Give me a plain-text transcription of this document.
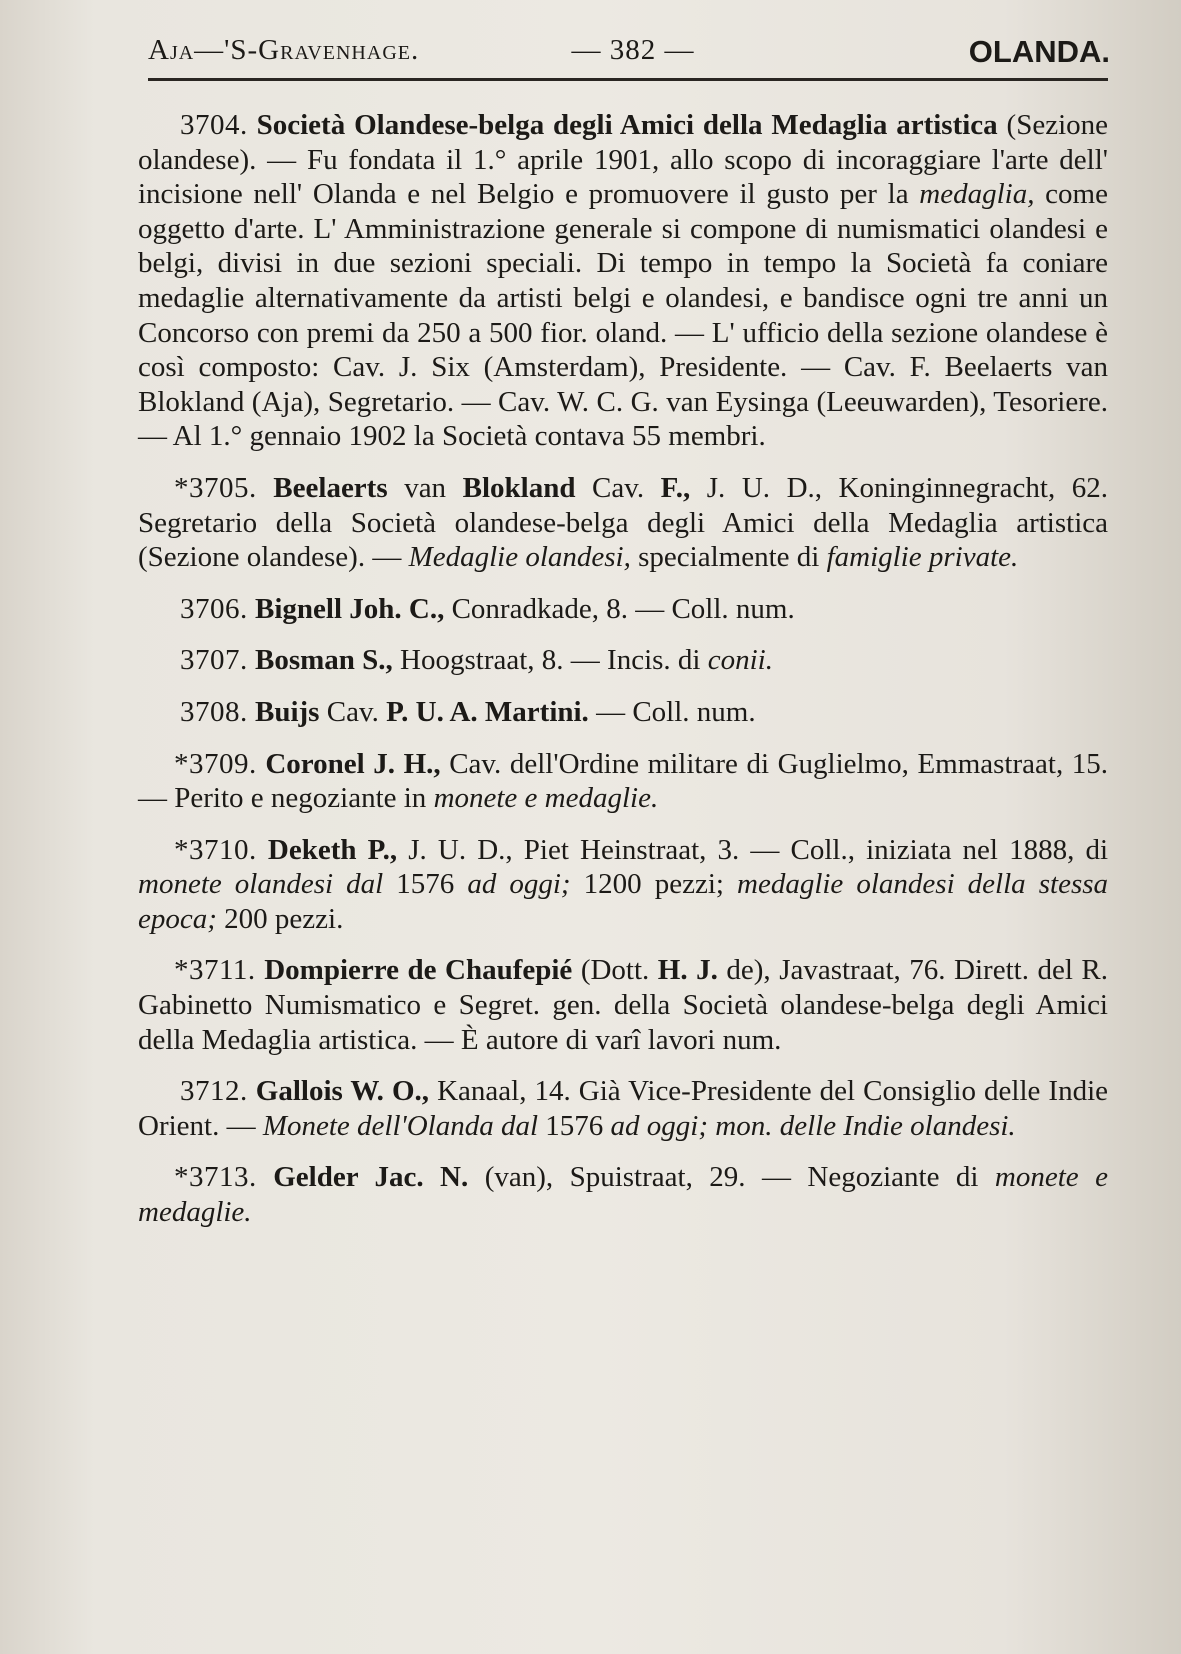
Aja—'S-Gravenhage.	— 382 —	OLANDA.

3704. Società Olandese-belga degli Amici della Medaglia artistica (Sezione olandese). — Fu fondata il 1.° aprile 1901, allo scopo di incoraggiare l'arte dell' incisione nell' Olanda e nel Belgio e promuovere il gusto per la medaglia, come oggetto d'arte. L' Amministrazione generale si compone di numismatici olandesi e belgi, divisi in due sezioni speciali. Di tempo in tempo la Società fa coniare medaglie alternativamente da artisti belgi e olandesi, e bandisce ogni tre anni un Concorso con premi da 250 a 500 fior. oland. — L' ufficio della sezione olandese è così composto: Cav. J. Six (Amsterdam), Presidente. — Cav. F. Beelaerts van Blokland (Aja), Segretario. — Cav. W. C. G. van Eysinga (Leeuwarden), Tesoriere. — Al 1.° gennaio 1902 la Società contava 55 membri.

*3705. Beelaerts van Blokland Cav. F., J. U. D., Koninginnegracht, 62. Segretario della Società olandese-belga degli Amici della Medaglia artistica (Sezione olandese). — Medaglie olandesi, specialmente di famiglie private.

3706. Bignell Joh. C., Conradkade, 8. — Coll. num.

3707. Bosman S., Hoogstraat, 8. — Incis. di conii.

3708. Buijs Cav. P. U. A. Martini. — Coll. num.

*3709. Coronel J. H., Cav. dell'Ordine militare di Guglielmo, Emmastraat, 15. — Perito e negoziante in monete e medaglie.

*3710. Deketh P., J. U. D., Piet Heinstraat, 3. — Coll., iniziata nel 1888, di monete olandesi dal 1576 ad oggi; 1200 pezzi; medaglie olandesi della stessa epoca; 200 pezzi.

*3711. Dompierre de Chaufepié (Dott. H. J. de), Javastraat, 76. Dirett. del R. Gabinetto Numismatico e Segret. gen. della Società olandese-belga degli Amici della Medaglia artistica. — È autore di varî lavori num.

3712. Gallois W. O., Kanaal, 14. Già Vice-Presidente del Consiglio delle Indie Orient. — Monete dell'Olanda dal 1576 ad oggi; mon. delle Indie olandesi.

*3713. Gelder Jac. N. (van), Spuistraat, 29. — Negoziante di monete e medaglie.
